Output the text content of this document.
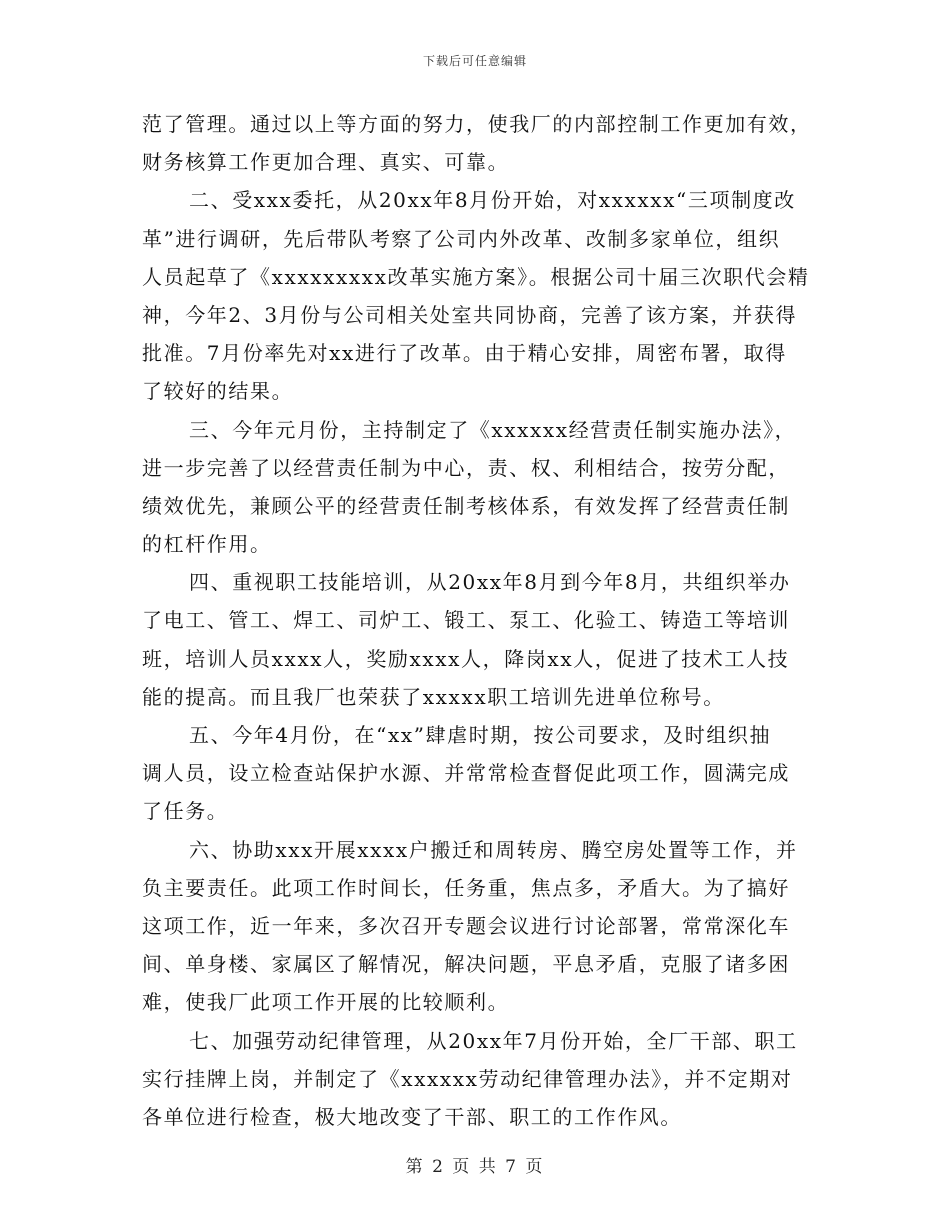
下载后可任意编辑
范了管理。通过以上等方面的努力，使我厂的内部控制工作更加有效，
财务核算工作更加合理、真实、可靠。
二、受xxx委托，从20xx年8月份开始，对xxxxxx“三项制度改
革”进行调研，先后带队考察了公司内外改革、改制多家单位，组织
人员起草了《xxxxxxxxx改革实施方案》。根据公司十届三次职代会精
神，今年2、3月份与公司相关处室共同协商，完善了该方案，并获得
批准。7月份率先对xx进行了改革。由于精心安排，周密布署，取得
了较好的结果。
三、今年元月份，主持制定了《xxxxxx经营责任制实施办法》，
进一步完善了以经营责任制为中心，责、权、利相结合，按劳分配，
绩效优先，兼顾公平的经营责任制考核体系，有效发挥了经营责任制
的杠杆作用。
四、重视职工技能培训，从20xx年8月到今年8月，共组织举办
了电工、管工、焊工、司炉工、锻工、泵工、化验工、铸造工等培训
班，培训人员xxxx人，奖励xxxx人，降岗xx人，促进了技术工人技
能的提高。而且我厂也荣获了xxxxx职工培训先进单位称号。
五、今年4月份，在“xx”肆虐时期，按公司要求，及时组织抽
调人员，设立检查站保护水源、并常常检查督促此项工作，圆满完成
了任务。
六、协助xxx开展xxxx户搬迁和周转房、腾空房处置等工作，并
负主要责任。此项工作时间长，任务重，焦点多，矛盾大。为了搞好
这项工作，近一年来，多次召开专题会议进行讨论部署，常常深化车
间、单身楼、家属区了解情况，解决问题，平息矛盾，克服了诸多困
难，使我厂此项工作开展的比较顺利。
七、加强劳动纪律管理，从20xx年7月份开始，全厂干部、职工
实行挂牌上岗，并制定了《xxxxxx劳动纪律管理办法》，并不定期对
各单位进行检查，极大地改变了干部、职工的工作作风。
第 2 页 共 7 页
